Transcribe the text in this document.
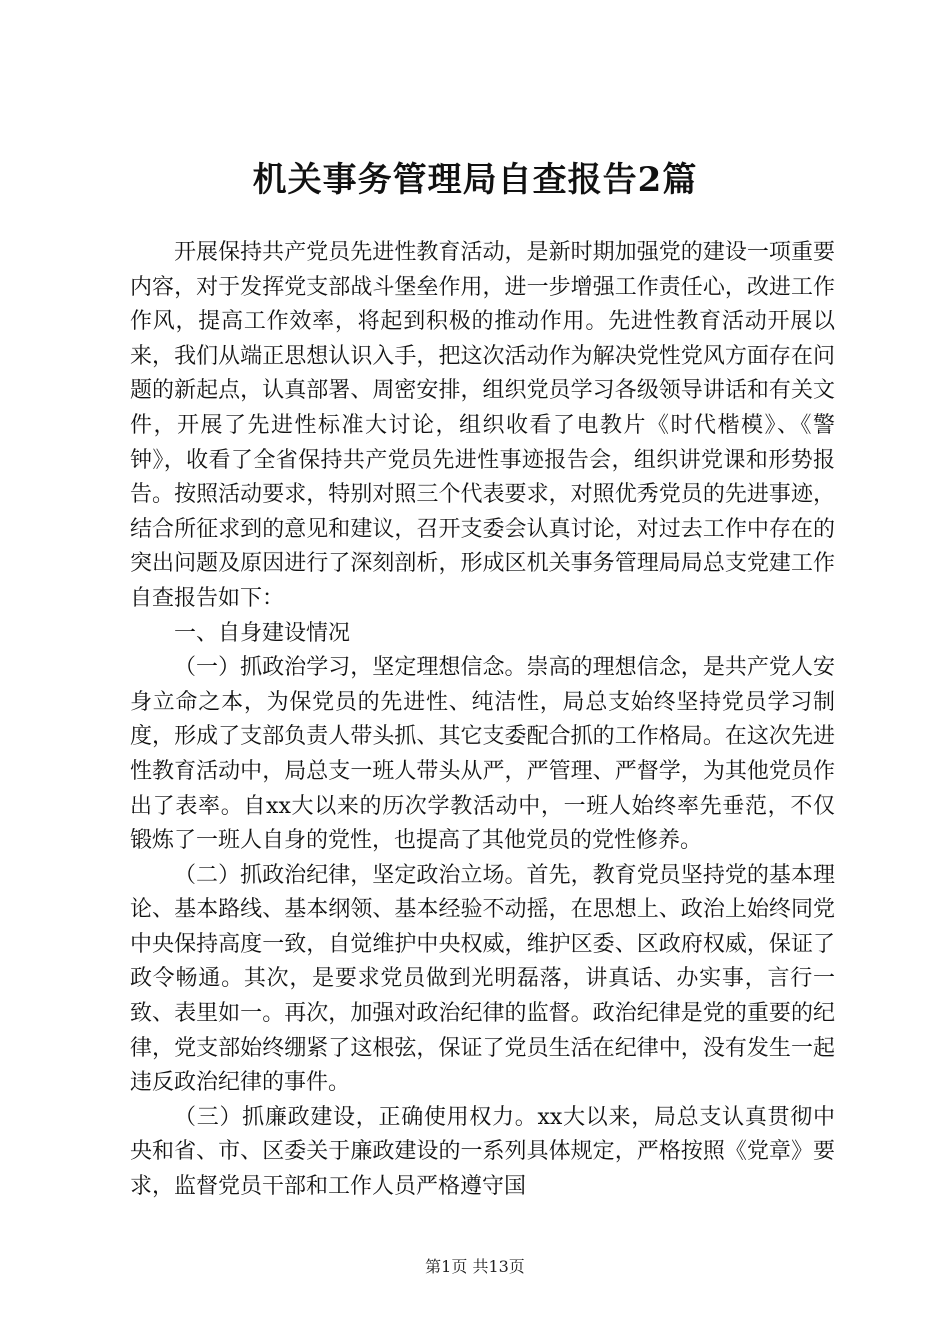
机关事务管理局自查报告2篇

开展保持共产党员先进性教育活动，是新时期加强党的建设一项重要内容，对于发挥党支部战斗堡垒作用，进一步增强工作责任心，改进工作作风，提高工作效率，将起到积极的推动作用。先进性教育活动开展以来，我们从端正思想认识入手，把这次活动作为解决党性党风方面存在问题的新起点，认真部署、周密安排，组织党员学习各级领导讲话和有关文件，开展了先进性标准大讨论，组织收看了电教片《时代楷模》、《警钟》，收看了全省保持共产党员先进性事迹报告会，组织讲党课和形势报告。按照活动要求，特别对照三个代表要求，对照优秀党员的先进事迹，结合所征求到的意见和建议，召开支委会认真讨论，对过去工作中存在的突出问题及原因进行了深刻剖析，形成区机关事务管理局局总支党建工作自查报告如下：

一、自身建设情况

（一）抓政治学习，坚定理想信念。崇高的理想信念，是共产党人安身立命之本，为保党员的先进性、纯洁性，局总支始终坚持党员学习制度，形成了支部负责人带头抓、其它支委配合抓的工作格局。在这次先进性教育活动中，局总支一班人带头从严，严管理、严督学，为其他党员作出了表率。自xx大以来的历次学教活动中，一班人始终率先垂范，不仅锻炼了一班人自身的党性，也提高了其他党员的党性修养。

（二）抓政治纪律，坚定政治立场。首先，教育党员坚持党的基本理论、基本路线、基本纲领、基本经验不动摇，在思想上、政治上始终同党中央保持高度一致，自觉维护中央权威，维护区委、区政府权威，保证了政令畅通。其次，是要求党员做到光明磊落，讲真话、办实事，言行一致、表里如一。再次，加强对政治纪律的监督。政治纪律是党的重要的纪律，党支部始终绷紧了这根弦，保证了党员生活在纪律中，没有发生一起违反政治纪律的事件。

（三）抓廉政建设，正确使用权力。xx大以来，局总支认真贯彻中央和省、市、区委关于廉政建设的一系列具体规定，严格按照《党章》要求，监督党员干部和工作人员严格遵守国

第1页 共13页
